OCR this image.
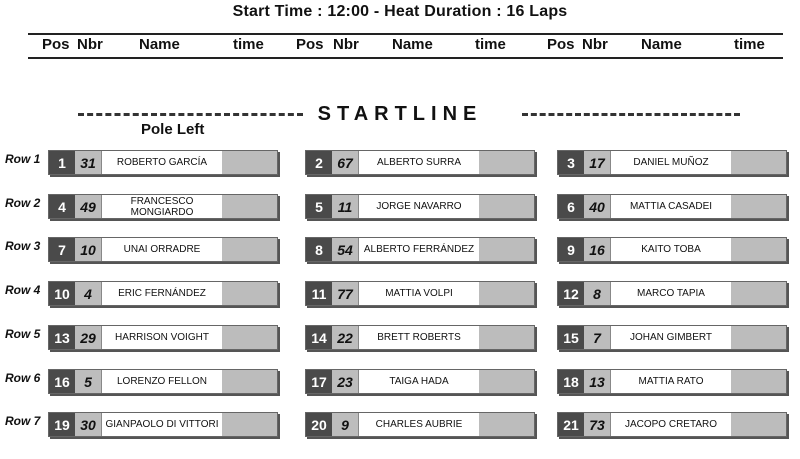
Start Time : 12:00 - Heat Duration : 16 Laps
Pos Nbr Name	time Pos Nbr Name	time	Pos Nbr Name	time
STARTLINE
Pole Left
Row 1	1	31	ROBERTO GARCÍA	2	67	ALBERTO SURRA	3	17	DANIEL MUÑOZ
Row 2	4	49	FRANCESCO MONGIARDO	5	11	JORGE NAVARRO	6	40	MATTIA CASADEI
Row 3	7	10	UNAI ORRADRE	8	54	ALBERTO FERRÁNDEZ	9	16	KAITO TOBA
Row 4 10	4	ERIC FERNÁNDEZ	11 77	MATTIA VOLPI	12	8	MARCO TAPIA
Row 5 13 29	HARRISON VOIGHT	14 22	BRETT ROBERTS	15	7	JOHAN GIMBERT
Row 6 16	5	LORENZO FELLON	17 23	TAIGA HADA	18 13	MATTIA RATO
Row 7 19 30 GIANPAOLO DI VITTORI	20	9	CHARLES AUBRIE	21 73	JACOPO CRETARO
